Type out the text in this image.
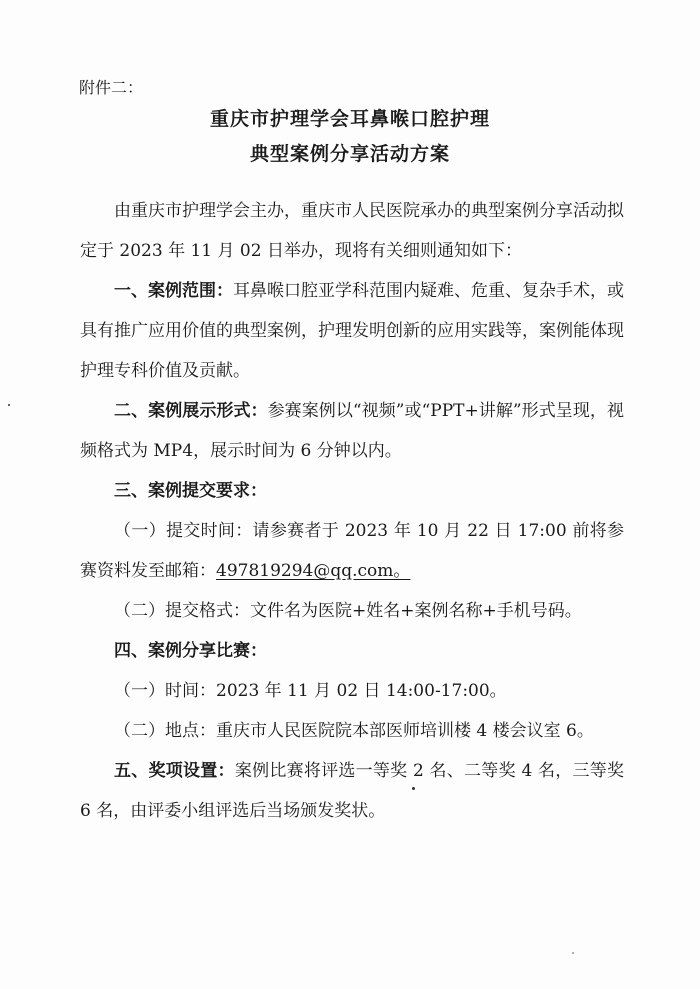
附件二：
重庆市护理学会耳鼻喉口腔护理
典型案例分享活动方案

由重庆市护理学会主办，重庆市人民医院承办的典型案例分享活动拟定于 2023 年 11 月 02 日举办，现将有关细则通知如下：

一、案例范围：耳鼻喉口腔亚学科范围内疑难、危重、复杂手术，或具有推广应用价值的典型案例，护理发明创新的应用实践等，案例能体现护理专科价值及贡献。

二、案例展示形式：参赛案例以“视频”或“PPT+讲解”形式呈现，视频格式为 MP4，展示时间为 6 分钟以内。

三、案例提交要求：

（一）提交时间：请参赛者于 2023 年 10 月 22 日 17:00 前将参赛资料发至邮箱：497819294@qq.com。

（二）提交格式：文件名为医院+姓名+案例名称+手机号码。

四、案例分享比赛：

（一）时间：2023 年 11 月 02 日 14:00-17:00。

（二）地点：重庆市人民医院院本部医师培训楼 4 楼会议室 6。

五、奖项设置：案例比赛将评选一等奖 2 名、二等奖 4 名，三等奖 6 名，由评委小组评选后当场颁发奖状。
